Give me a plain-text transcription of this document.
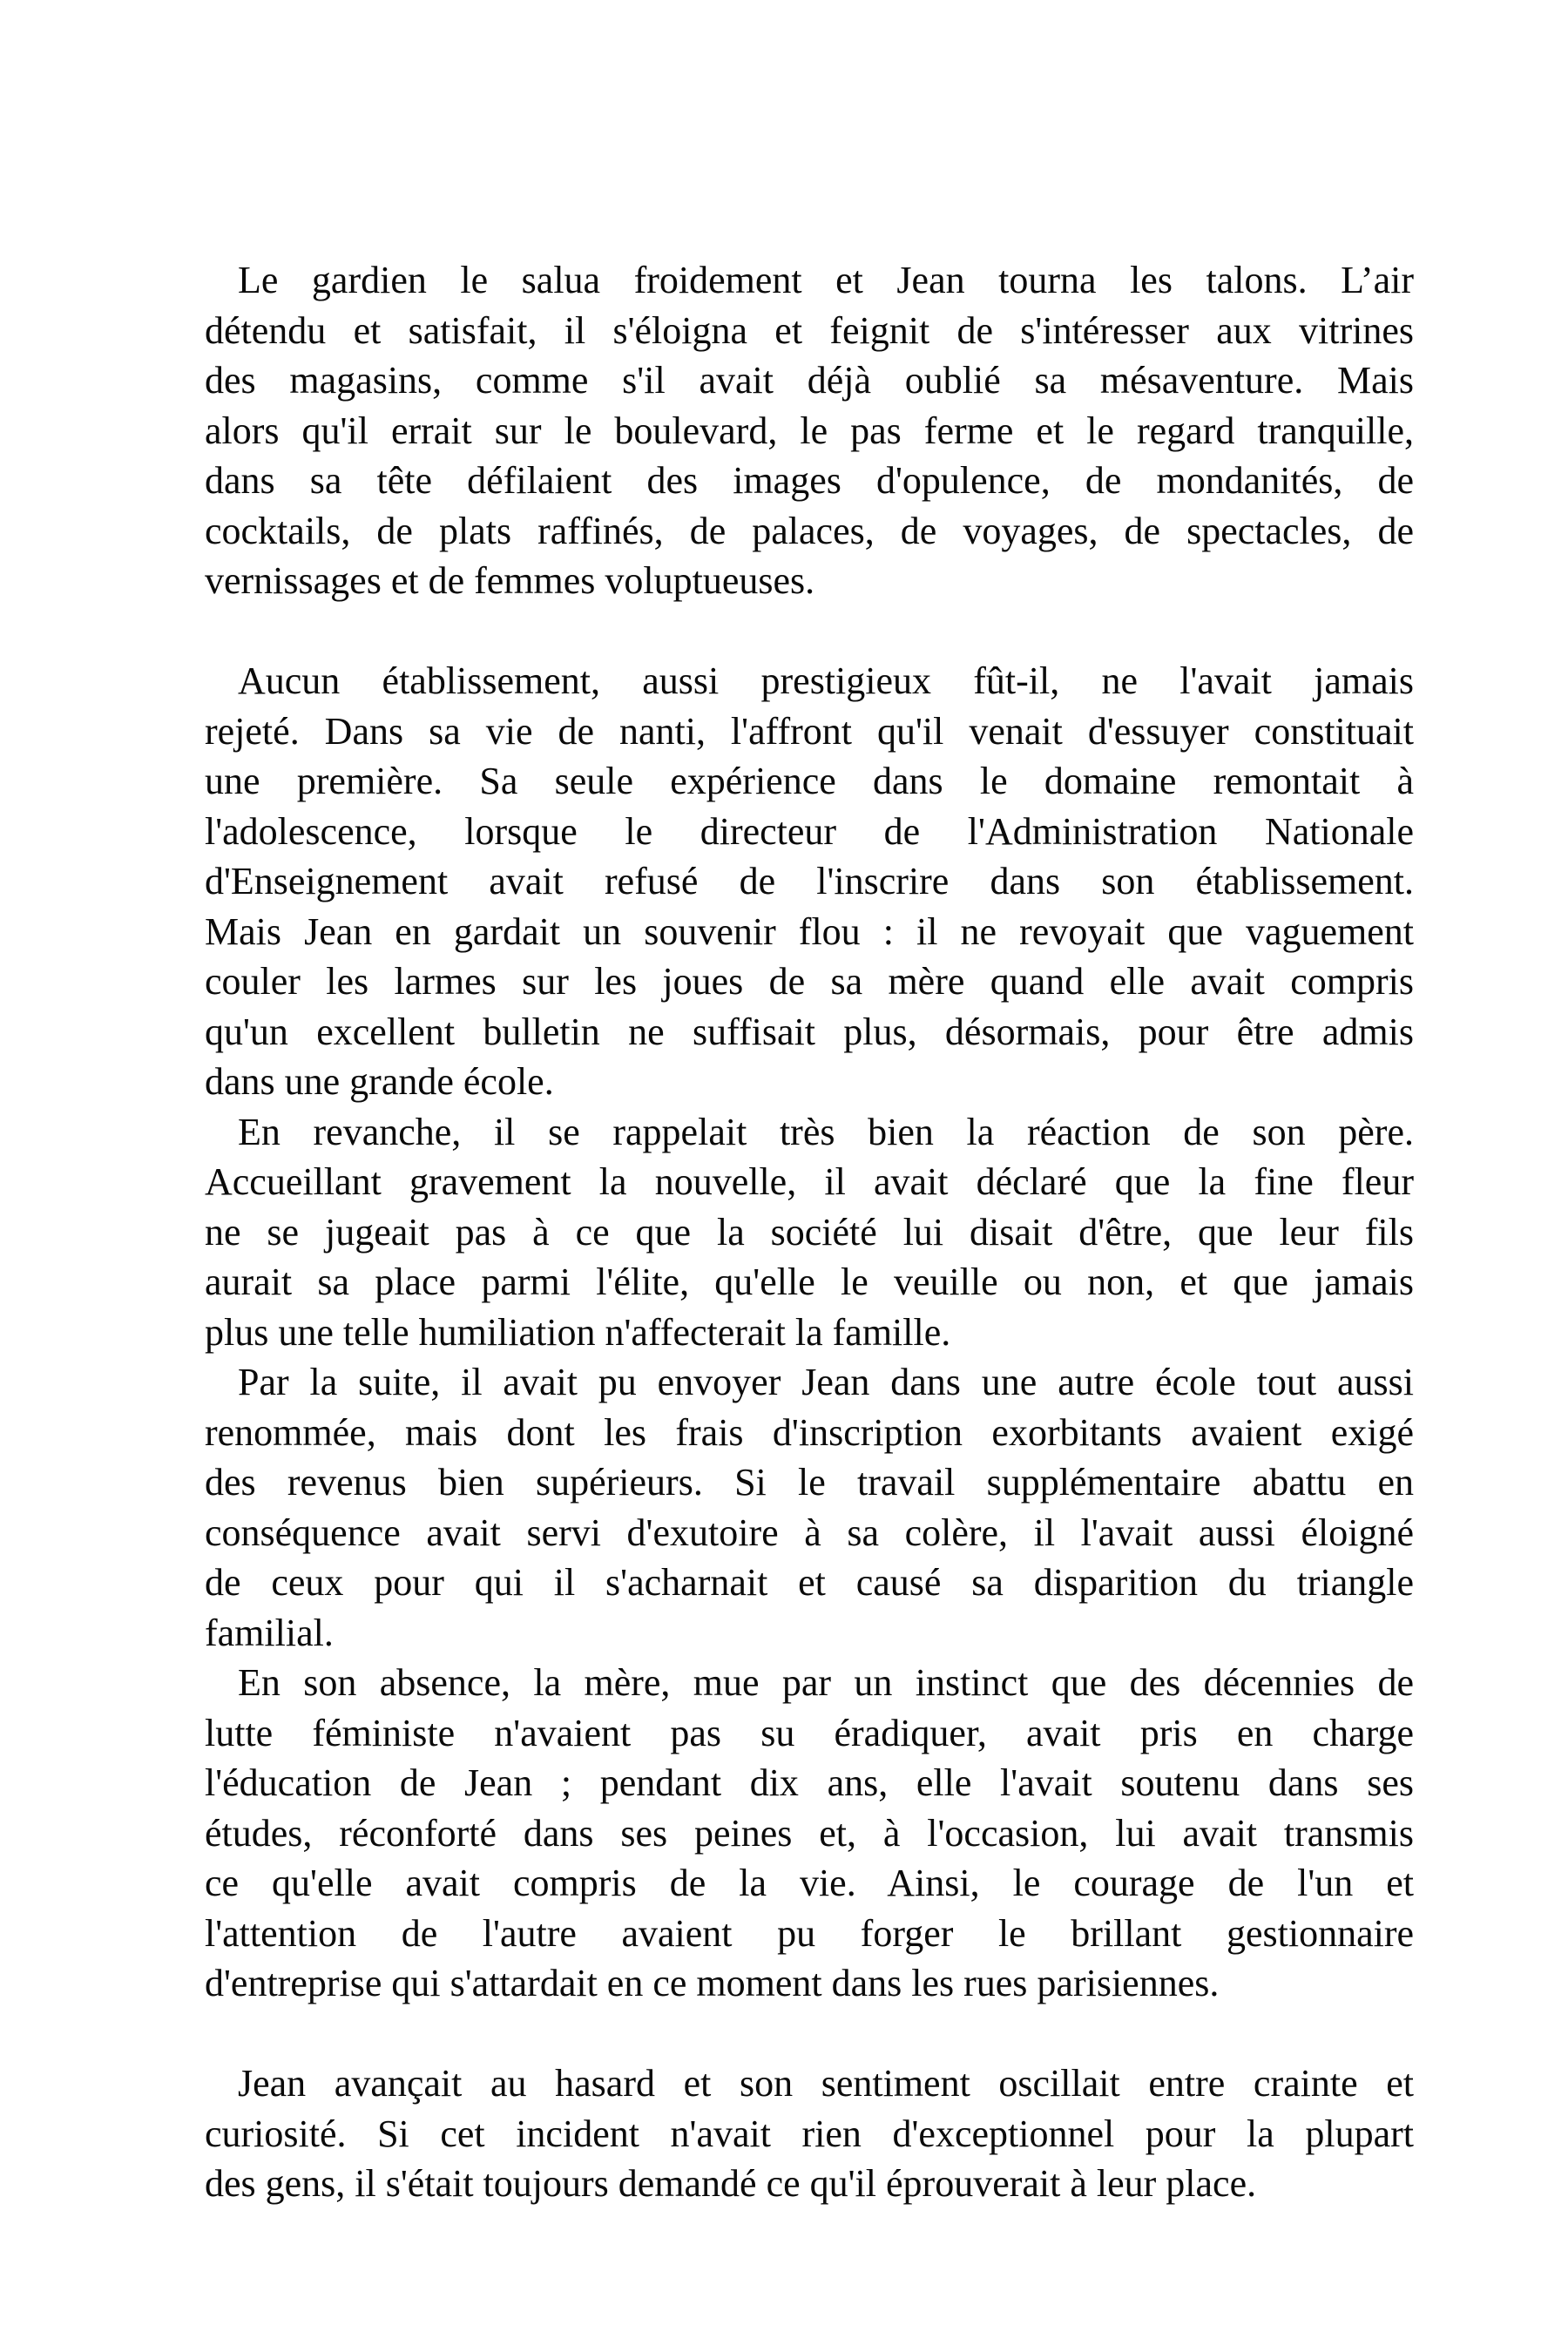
Le gardien le salua froidement et Jean tourna les talons. L’air
détendu et satisfait, il s'éloigna et feignit de s'intéresser aux vitrines
des magasins, comme s'il avait déjà oublié sa mésaventure. Mais
alors qu'il errait sur le boulevard, le pas ferme et le regard tranquille,
dans sa tête défilaient des images d'opulence, de mondanités, de
cocktails, de plats raffinés, de palaces, de voyages, de spectacles, de
vernissages et de femmes voluptueuses.
Aucun établissement, aussi prestigieux fût-il, ne l'avait jamais
rejeté. Dans sa vie de nanti, l'affront qu'il venait d'essuyer constituait
une première. Sa seule expérience dans le domaine remontait à
l'adolescence, lorsque le directeur de l'Administration Nationale
d'Enseignement avait refusé de l'inscrire dans son établissement.
Mais Jean en gardait un souvenir flou : il ne revoyait que vaguement
couler les larmes sur les joues de sa mère quand elle avait compris
qu'un excellent bulletin ne suffisait plus, désormais, pour être admis
dans une grande école.
En revanche, il se rappelait très bien la réaction de son père.
Accueillant gravement la nouvelle, il avait déclaré que la fine fleur
ne se jugeait pas à ce que la société lui disait d'être, que leur fils
aurait sa place parmi l'élite, qu'elle le veuille ou non, et que jamais
plus une telle humiliation n'affecterait la famille.
Par la suite, il avait pu envoyer Jean dans une autre école tout aussi
renommée, mais dont les frais d'inscription exorbitants avaient exigé
des revenus bien supérieurs. Si le travail supplémentaire abattu en
conséquence avait servi d'exutoire à sa colère, il l'avait aussi éloigné
de ceux pour qui il s'acharnait et causé sa disparition du triangle
familial.
En son absence, la mère, mue par un instinct que des décennies de
lutte féministe n'avaient pas su éradiquer, avait pris en charge
l'éducation de Jean ; pendant dix ans, elle l'avait soutenu dans ses
études, réconforté dans ses peines et, à l'occasion, lui avait transmis
ce qu'elle avait compris de la vie. Ainsi, le courage de l'un et
l'attention de l'autre avaient pu forger le brillant gestionnaire
d'entreprise qui s'attardait en ce moment dans les rues parisiennes.
Jean avançait au hasard et son sentiment oscillait entre crainte et
curiosité. Si cet incident n'avait rien d'exceptionnel pour la plupart
des gens, il s'était toujours demandé ce qu'il éprouverait à leur place.
